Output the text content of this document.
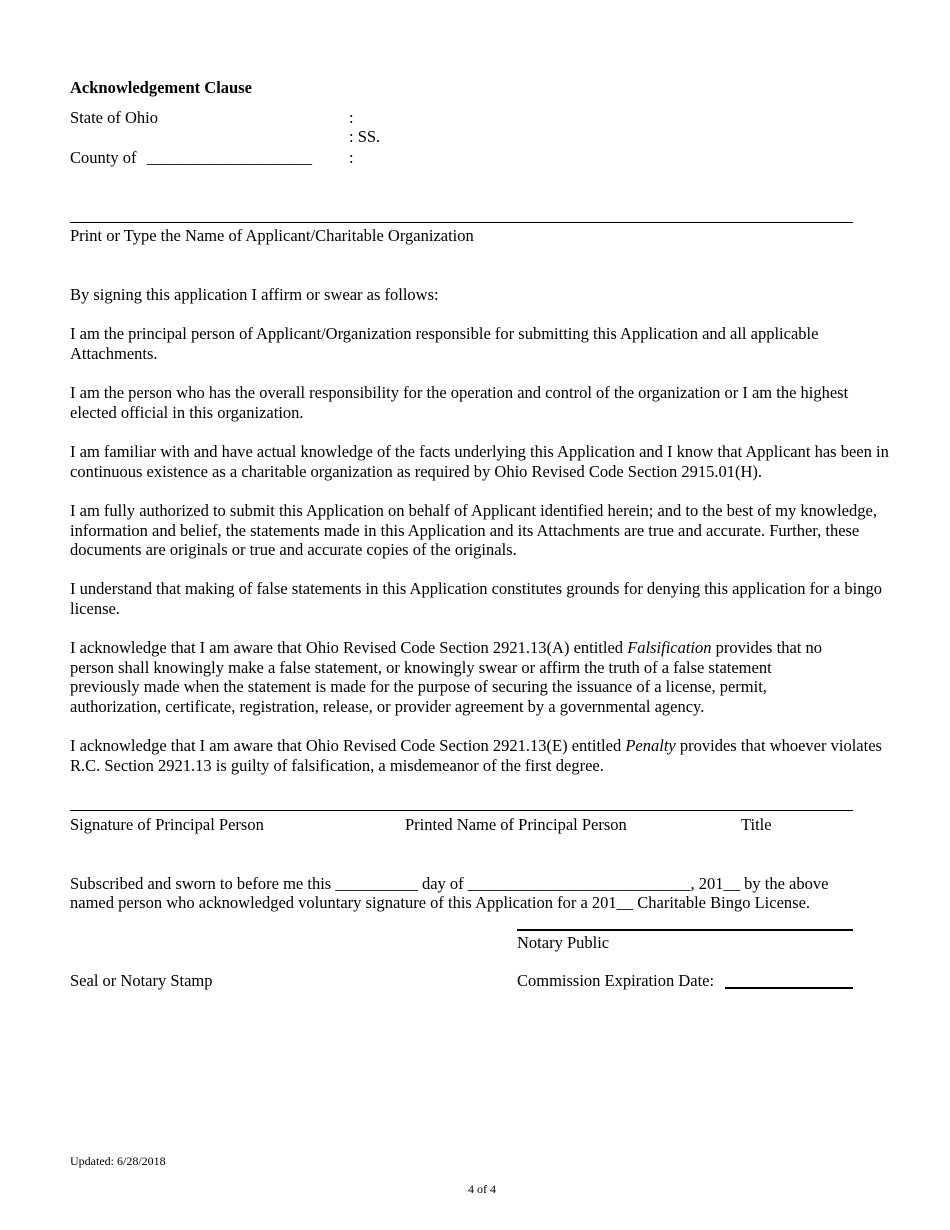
Acknowledgement Clause
State of Ohio	:
: SS.
County of ____________________ :
Print or Type the Name of Applicant/Charitable Organization
By signing this application I affirm or swear as follows:
I am the principal person of Applicant/Organization responsible for submitting this Application and all applicable Attachments.
I am the person who has the overall responsibility for the operation and control of the organization or I am the highest elected official in this organization.
I am familiar with and have actual knowledge of the facts underlying this Application and I know that Applicant has been in continuous existence as a charitable organization as required by Ohio Revised Code Section 2915.01(H).
I am fully authorized to submit this Application on behalf of Applicant identified herein; and to the best of my knowledge, information and belief, the statements made in this Application and its Attachments are true and accurate. Further, these documents are originals or true and accurate copies of the originals.
I understand that making of false statements in this Application constitutes grounds for denying this application for a bingo license.
I acknowledge that I am aware that Ohio Revised Code Section 2921.13(A) entitled Falsification provides that no person shall knowingly make a false statement, or knowingly swear or affirm the truth of a false statement previously made when the statement is made for the purpose of securing the issuance of a license, permit, authorization, certificate, registration, release, or provider agreement by a governmental agency.
I acknowledge that I am aware that Ohio Revised Code Section 2921.13(E) entitled Penalty provides that whoever violates R.C. Section 2921.13 is guilty of falsification, a misdemeanor of the first degree.
Signature of Principal Person	Printed Name of Principal Person	Title
Subscribed and sworn to before me this __________ day of ___________________________, 201__ by the above
named person who acknowledged voluntary signature of this Application for a 201__ Charitable Bingo License.
Notary Public
Seal or Notary Stamp	Commission Expiration Date:
Updated: 6/28/2018
4 of 4
